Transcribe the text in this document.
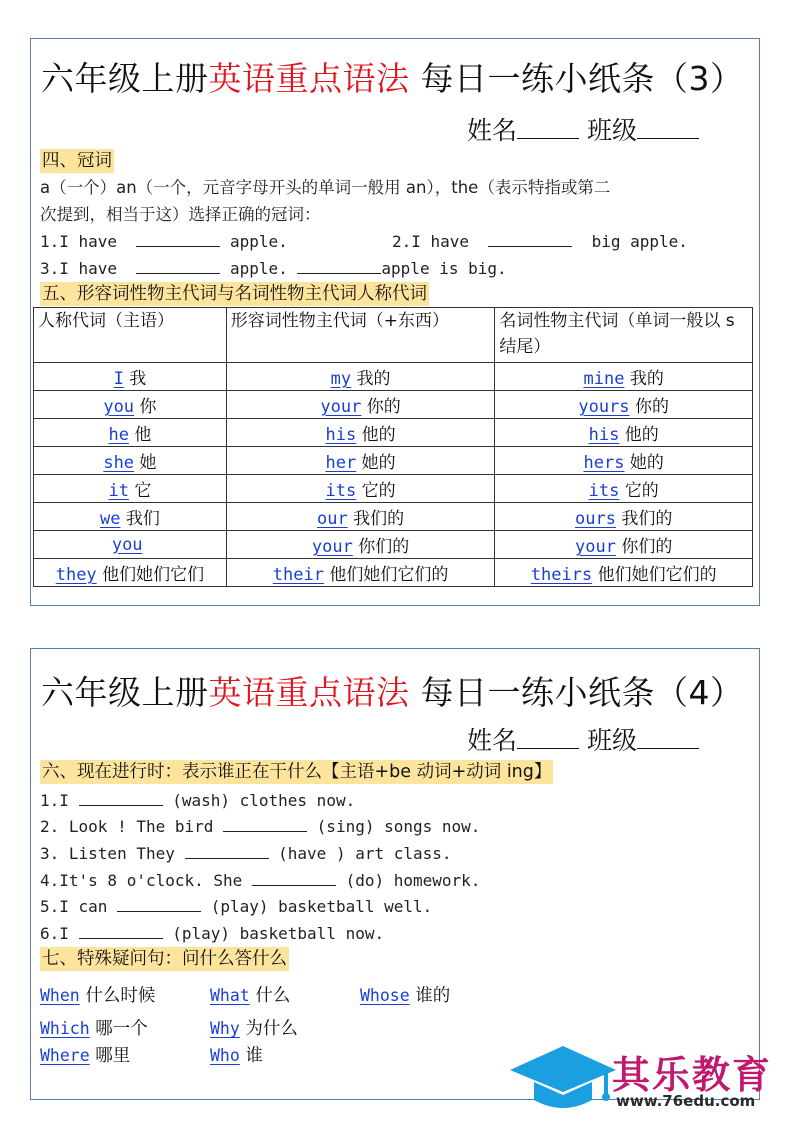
六年级上册英语重点语法 每日一练小纸条（3）
姓名	班级
四、冠词
a（一个）an（一个，元音字母开头的单词一般用 an），the（表示特指或第二
次提到，相当于这）选择正确的冠词：
1.I have	apple.	2.I have	big apple.
3.I have	apple.	apple is big.
五、形容词性物主代词与名词性物主代词人称代词
人称代词（主语）	形容词性物主代词（+东西）	名词性物主代词（单词一般以 s 结尾）
I 我	my 我的	mine 我的
you 你	your 你的	yours 你的
he 他	his 他的	his 他的
she 她	her 她的	hers 她的
it 它	its 它的	its 它的
we 我们	our 我们的	ours 我们的
you	your 你们的	your 你们的
they 他们她们它们	their 他们她们它们的	theirs 他们她们它们的
六年级上册英语重点语法 每日一练小纸条（4）
姓名	班级
六、现在进行时：表示谁正在干什么【主语+be 动词+动词 ing】
1.I	(wash) clothes now.
2. Look ! The bird	(sing) songs now.
3. Listen They	(have ) art class.
4.It's 8 o'clock. She	(do) homework.
5.I can	(play) basketball well.
6.I	(play) basketball now.
七、特殊疑问句：问什么答什么
When 什么时候	What 什么	Whose 谁的
Which 哪一个	Why 为什么
Where 哪里	Who 谁	其乐教育
www.76edu.com
